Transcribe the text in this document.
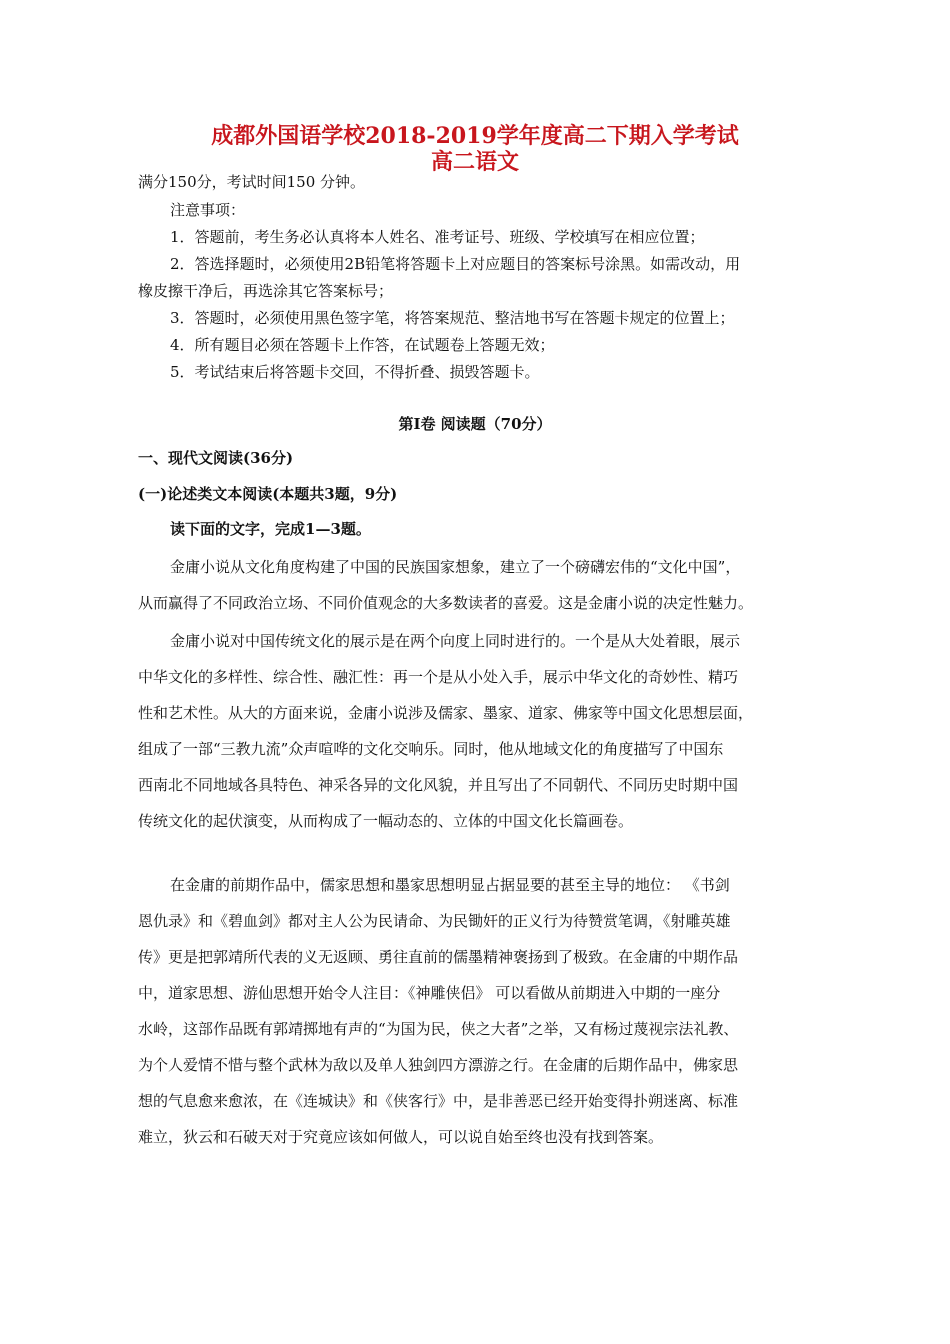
成都外国语学校2018-2019学年度高二下期入学考试
高二语文

满分150分，考试时间150 分钟。

注意事项：
1．答题前，考生务必认真将本人姓名、准考证号、班级、学校填写在相应位置；
2．答选择题时，必须使用2B铅笔将答题卡上对应题目的答案标号涂黑。如需改动，用
橡皮擦干净后，再选涂其它答案标号；
3．答题时，必须使用黑色签字笔，将答案规范、整洁地书写在答题卡规定的位置上；
4．所有题目必须在答题卡上作答，在试题卷上答题无效；
5．考试结束后将答题卡交回，不得折叠、损毁答题卡。

第Ⅰ卷 阅读题（70分）

一、现代文阅读(36分)

(一)论述类文本阅读(本题共3题，9分)

读下面的文字，完成1—3题。

金庸小说从文化角度构建了中国的民族国家想象，建立了一个磅礴宏伟的“文化中国”，
从而赢得了不同政治立场、不同价值观念的大多数读者的喜爱。这是金庸小说的决定性魅力。
金庸小说对中国传统文化的展示是在两个向度上同时进行的。一个是从大处着眼，展示
中华文化的多样性、综合性、融汇性：再一个是从小处入手，展示中华文化的奇妙性、精巧
性和艺术性。从大的方面来说，金庸小说涉及儒家、墨家、道家、佛家等中国文化思想层面，
组成了一部“三教九流”众声喧哗的文化交响乐。同时，他从地域文化的角度描写了中国东
西南北不同地域各具特色、神采各异的文化风貌，并且写出了不同朝代、不同历史时期中国
传统文化的起伏演变，从而构成了一幅动态的、立体的中国文化长篇画卷。
在金庸的前期作品中，儒家思想和墨家思想明显占据显要的甚至主导的地位： 《书剑
恩仇录》和《碧血剑》都对主人公为民请命、为民锄奸的正义行为待赞赏笔调，《射雕英雄
传》更是把郭靖所代表的义无返顾、勇往直前的儒墨精神褒扬到了极致。在金庸的中期作品
中，道家思想、游仙思想开始令人注目：《神雕侠侣》 可以看做从前期进入中期的一座分
水岭，这部作品既有郭靖掷地有声的“为国为民，侠之大者”之举，又有杨过蔑视宗法礼教、
为个人爱情不惜与整个武林为敌以及单人独剑四方漂游之行。在金庸的后期作品中，佛家思
想的气息愈来愈浓，在《连城诀》和《侠客行》中，是非善恶已经开始变得扑朔迷离、标准
难立，狄云和石破天对于究竟应该如何做人，可以说自始至终也没有找到答案。
